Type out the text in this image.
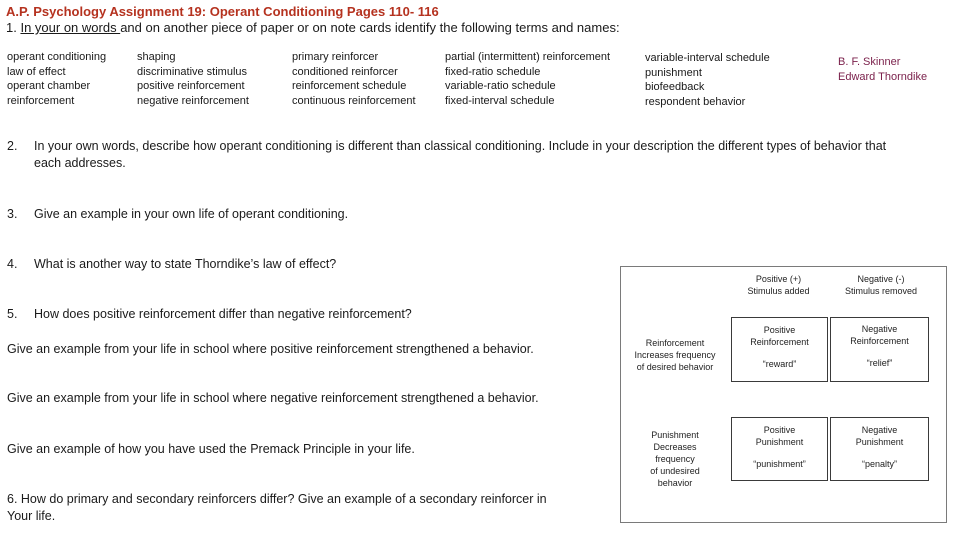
A.P. Psychology Assignment 19: Operant Conditioning Pages 110- 116
1. In your on words and on another piece of paper or on note cards identify the following terms and names:
operant conditioning
law of effect
operant chamber
reinforcement
shaping
discriminative stimulus
positive reinforcement
negative reinforcement
primary reinforcer
conditioned reinforcer
reinforcement schedule
continuous reinforcement
partial (intermittent) reinforcement
fixed-ratio schedule
variable-ratio schedule
fixed-interval schedule
variable-interval schedule
punishment
biofeedback
respondent behavior
B. F. Skinner
Edward Thorndike
2. In your own words, describe how operant conditioning is different than classical conditioning. Include in your description the different types of behavior that
each addresses.
3. Give an example in your own life of operant conditioning.
4. What is another way to state Thorndike’s law of effect?
5. How does positive reinforcement differ than negative reinforcement?
Give an example from your life in school where positive reinforcement strengthened a behavior.
Give an example from your life in school where negative reinforcement strengthened a behavior.
Give an example of how you have used the Premack Principle in your life.
6. How do primary and secondary reinforcers differ? Give an example of a secondary reinforcer in
Your life.
Positive (+)
Stimulus added
Negative (-)
Stimulus removed
Reinforcement
Increases frequency
of desired behavior
Punishment
Decreases
frequency
of undesired
behavior
Positive
Reinforcement
“reward”
Negative
Reinforcement
“relief”
Positive
Punishment
“punishment”
Negative
Punishment
“penalty”
